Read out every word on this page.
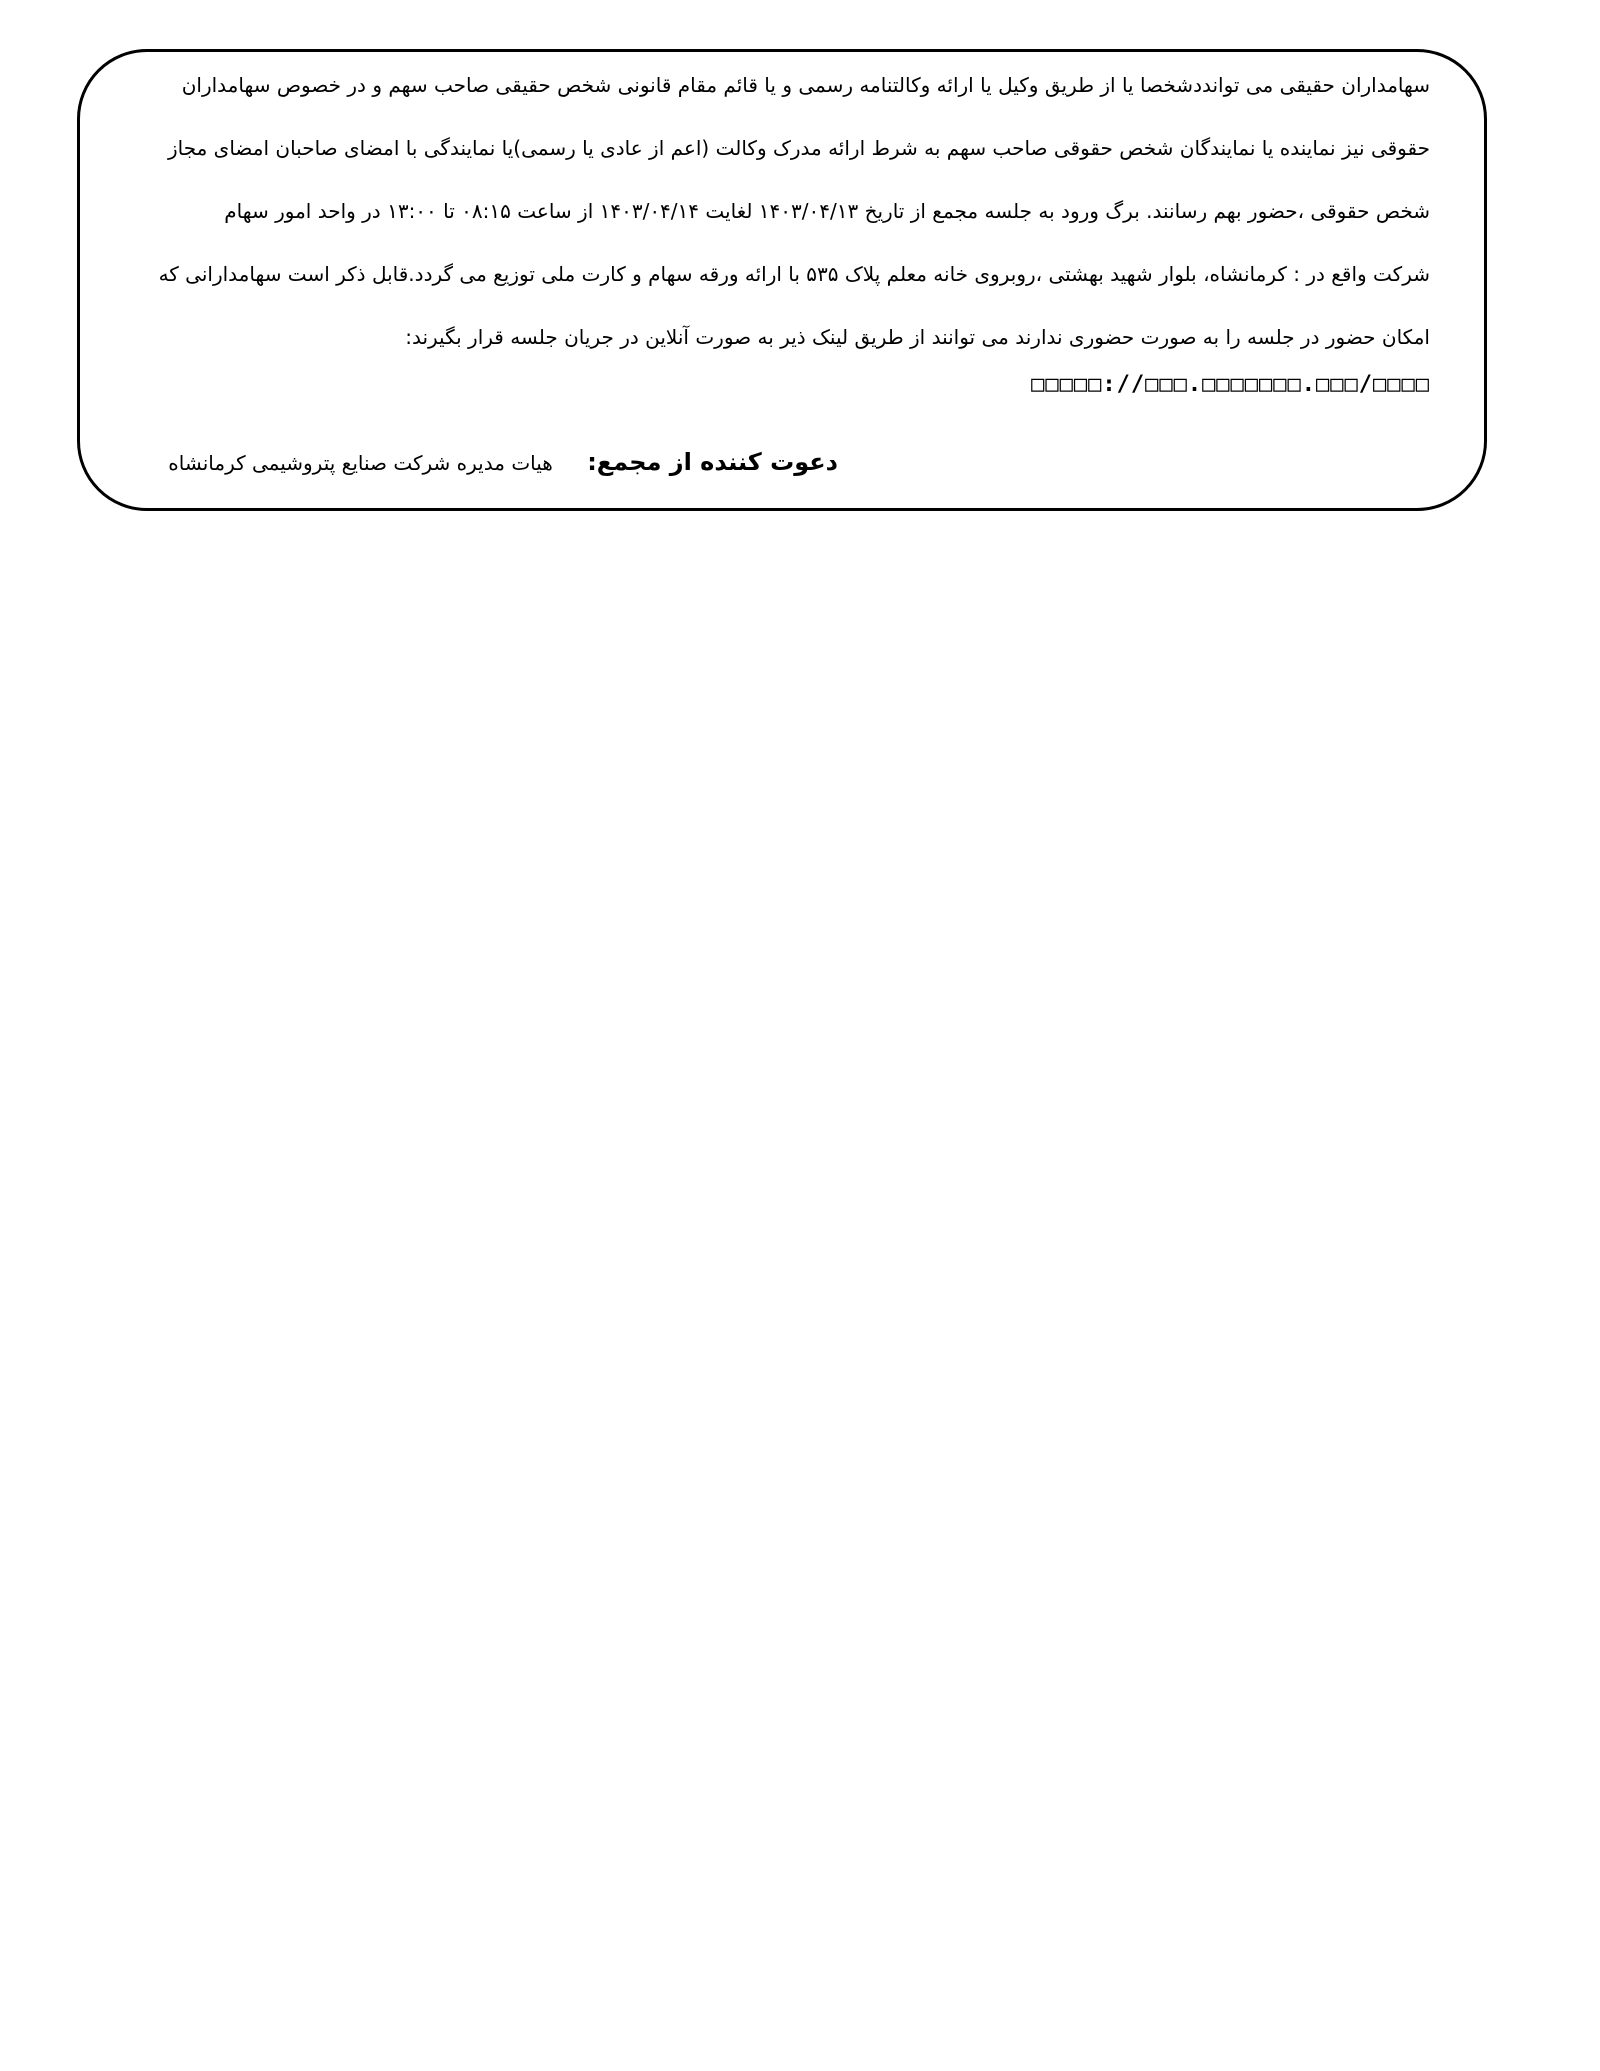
سهامداران حقیقی می توانددشخصا یا از طریق وکیل یا ارائه وکالتنامه رسمی و یا قائم مقام قانونی شخص حقیقی صاحب سهم و در خصوص سهامداران
حقوقی نیز نماینده یا نمایندگان شخص حقوقی صاحب سهم به شرط ارائه مدرک وکالت (اعم از عادی یا رسمی)یا نمایندگی با امضای صاحبان امضای مجاز
شخص حقوقی ،حضور بهم رسانند. برگ ورود به جلسه مجمع از تاریخ ۱۴۰۳/۰۴/۱۳ لغایت ۱۴۰۳/۰۴/۱۴ از ساعت ۰۸:۱۵ تا ۱۳:۰۰ در واحد امور سهام
شرکت واقع در : کرمانشاه، بلوار شهید بهشتی ،روبروی خانه معلم پلاک ۵۳۵ با ارائه ورقه سهام و کارت ملی توزیع می گردد.قابل ذکر است سهامدارانی که
امکان حضور در جلسه را به صورت حضوری ندارند می توانند از طریق لینک ذیر به صورت آنلاین در جریان جلسه قرار بگیرند:
□□□□□://□□□.□□□□□□□.□□□/□□□□
دعوت کننده از مجمع: هیات مدیره شرکت صنایع پتروشیمی کرمانشاه
